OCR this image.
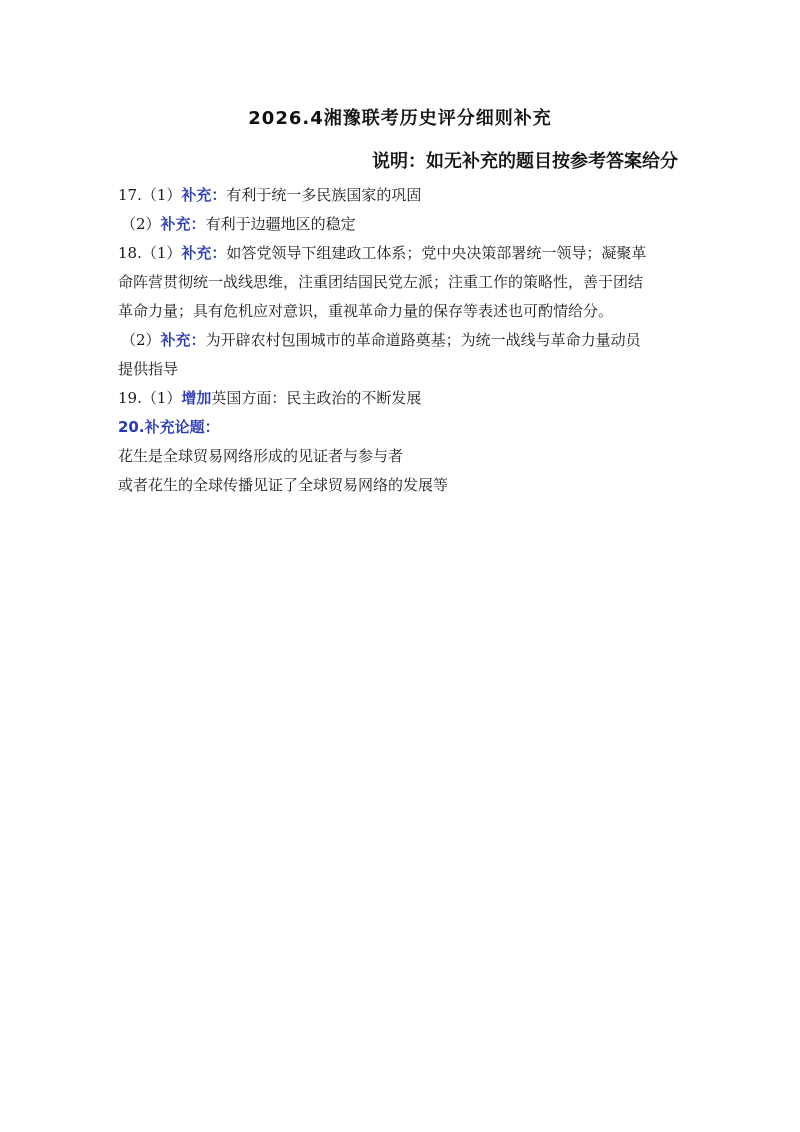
2026.4湘豫联考历史评分细则补充
说明：如无补充的题目按参考答案给分
17.（1）补充：有利于统一多民族国家的巩固
（2）补充：有利于边疆地区的稳定
18.（1）补充：如答党领导下组建政工体系；党中央决策部署统一领导；凝聚革
命阵营贯彻统一战线思维，注重团结国民党左派；注重工作的策略性，善于团结
革命力量；具有危机应对意识，重视革命力量的保存等表述也可酌情给分。
（2）补充：为开辟农村包围城市的革命道路奠基；为统一战线与革命力量动员
提供指导
19.（1）增加英国方面：民主政治的不断发展
20.补充论题：
花生是全球贸易网络形成的见证者与参与者
或者花生的全球传播见证了全球贸易网络的发展等
